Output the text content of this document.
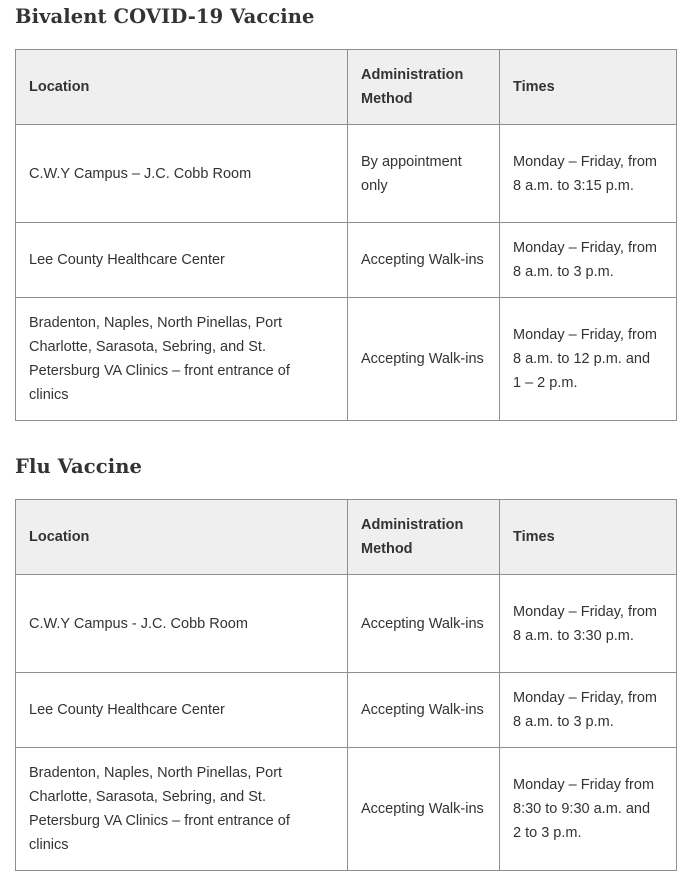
Bivalent COVID-19 Vaccine
Location	Administration Method	Times
C.W.Y Campus – J.C. Cobb Room	By appointment only	Monday – Friday, from 8 a.m. to 3:15 p.m.
Lee County Healthcare Center	Accepting Walk-ins	Monday – Friday, from 8 a.m. to 3 p.m.
Bradenton, Naples, North Pinellas, Port Charlotte, Sarasota, Sebring, and St. Petersburg VA Clinics – front entrance of clinics	Accepting Walk-ins	Monday – Friday, from 8 a.m. to 12 p.m. and 1 – 2 p.m.
Flu Vaccine
Location	Administration Method	Times
C.W.Y Campus - J.C. Cobb Room	Accepting Walk-ins	Monday – Friday, from 8 a.m. to 3:30 p.m.
Lee County Healthcare Center	Accepting Walk-ins	Monday – Friday, from 8 a.m. to 3 p.m.
Bradenton, Naples, North Pinellas, Port Charlotte, Sarasota, Sebring, and St. Petersburg VA Clinics – front entrance of clinics	Accepting Walk-ins	Monday – Friday from 8:30 to 9:30 a.m. and 2 to 3 p.m.
